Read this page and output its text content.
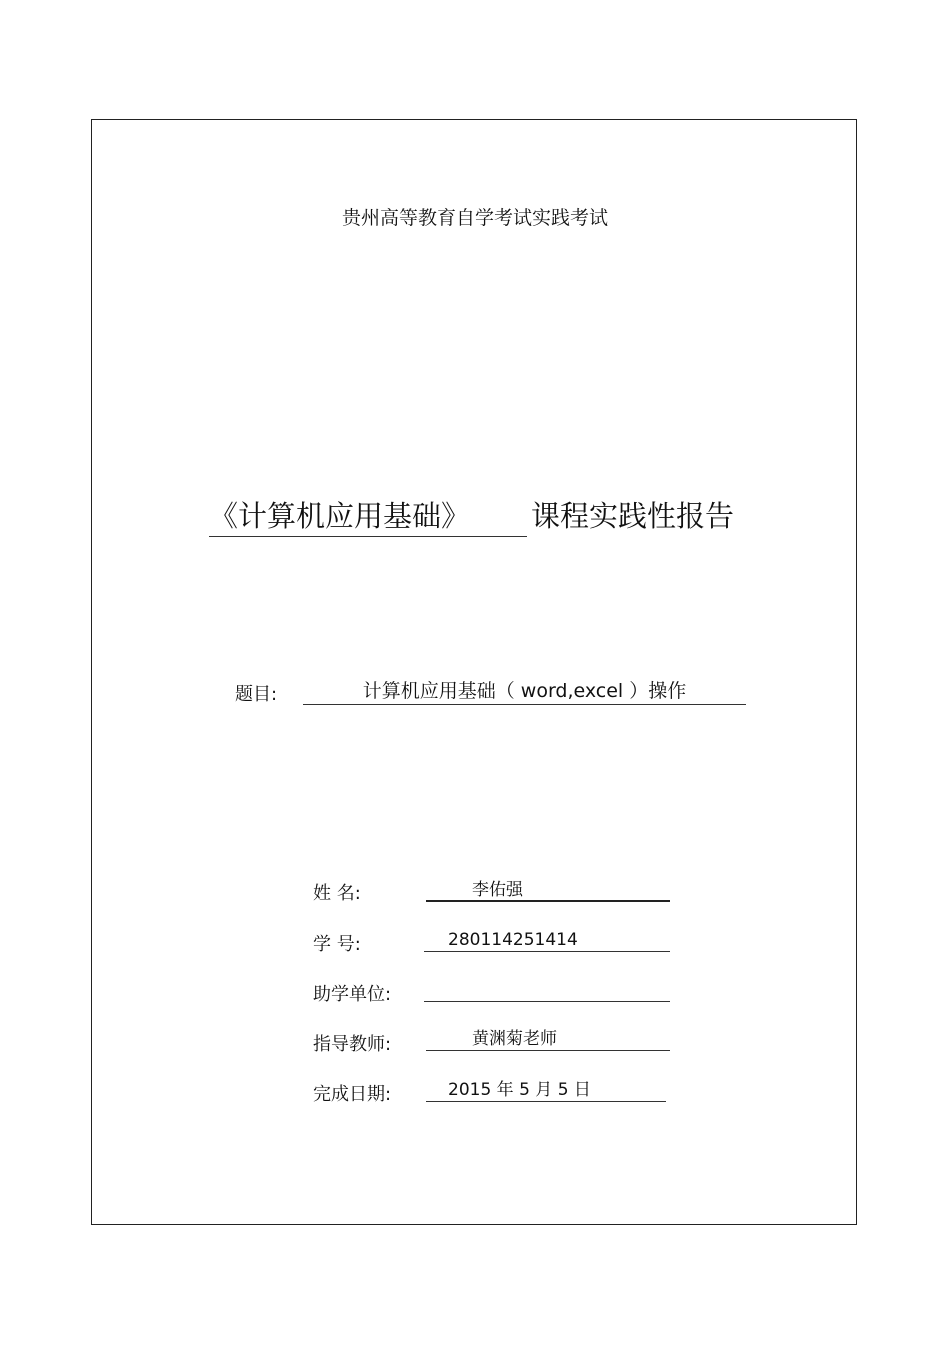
贵州高等教育自学考试实践考试
《计算机应用基础》	课程实践性报告
题目:	计算机应用基础（ word,excel ）操作
姓 名:	李佑强
学 号:	280114251414
助学单位:
指导教师:	黄渊菊老师
完成日期:	2015 年 5 月 5 日
